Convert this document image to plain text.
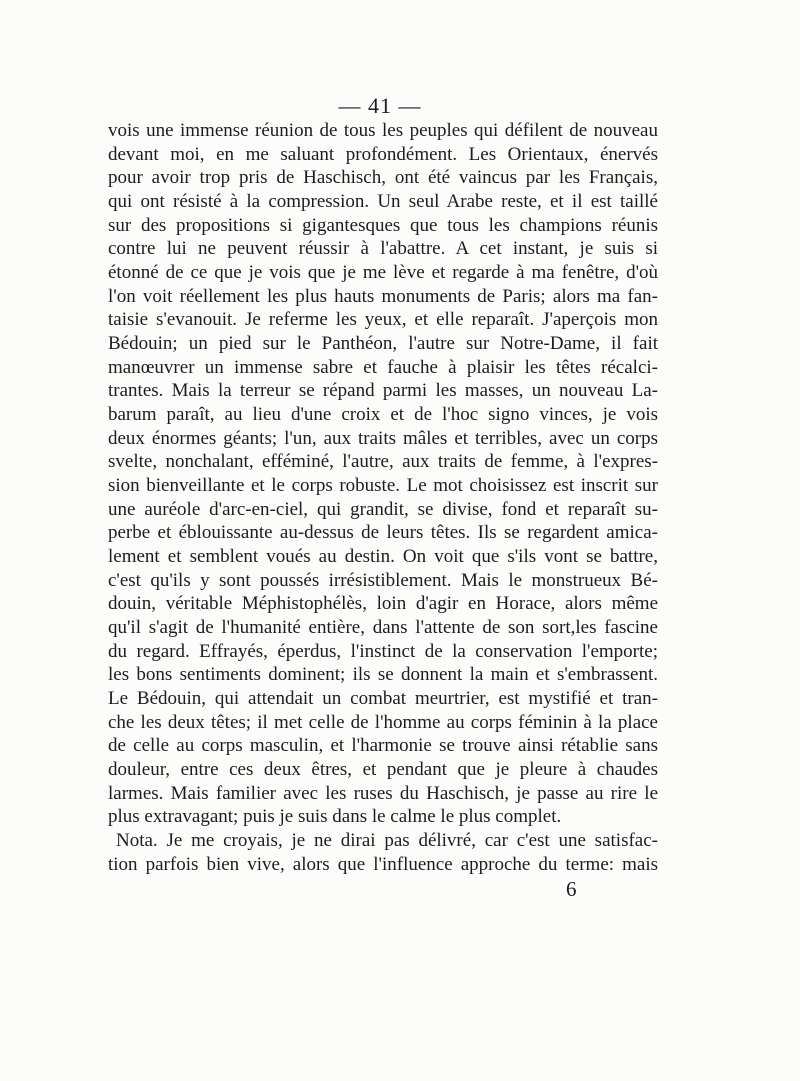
— 41 —
vois une immense réunion de tous les peuples qui défilent de nouveau
devant moi, en me saluant profondément. Les Orientaux, énervés
pour avoir trop pris de Haschisch, ont été vaincus par les Français,
qui ont résisté à la compression. Un seul Arabe reste, et il est taillé
sur des propositions si gigantesques que tous les champions réunis
contre lui ne peuvent réussir à l'abattre. A cet instant, je suis si
étonné de ce que je vois que je me lève et regarde à ma fenêtre, d'où
l'on voit réellement les plus hauts monuments de Paris; alors ma fan-
taisie s'evanouit. Je referme les yeux, et elle reparaît. J'aperçois mon
Bédouin; un pied sur le Panthéon, l'autre sur Notre-Dame, il fait
manœuvrer un immense sabre et fauche à plaisir les têtes récalci-
trantes. Mais la terreur se répand parmi les masses, un nouveau La-
barum paraît, au lieu d'une croix et de l'hoc signo vinces, je vois
deux énormes géants; l'un, aux traits mâles et terribles, avec un corps
svelte, nonchalant, efféminé, l'autre, aux traits de femme, à l'expres-
sion bienveillante et le corps robuste. Le mot choisissez est inscrit sur
une auréole d'arc-en-ciel, qui grandit, se divise, fond et reparaît su-
perbe et éblouissante au-dessus de leurs têtes. Ils se regardent amica-
lement et semblent voués au destin. On voit que s'ils vont se battre,
c'est qu'ils y sont poussés irrésistiblement. Mais le monstrueux Bé-
douin, véritable Méphistophélès, loin d'agir en Horace, alors même
qu'il s'agit de l'humanité entière, dans l'attente de son sort,les fascine
du regard. Effrayés, éperdus, l'instinct de la conservation l'emporte;
les bons sentiments dominent; ils se donnent la main et s'embrassent.
Le Bédouin, qui attendait un combat meurtrier, est mystifié et tran-
che les deux têtes; il met celle de l'homme au corps féminin à la place
de celle au corps masculin, et l'harmonie se trouve ainsi rétablie sans
douleur, entre ces deux êtres, et pendant que je pleure à chaudes
larmes. Mais familier avec les ruses du Haschisch, je passe au rire le
plus extravagant; puis je suis dans le calme le plus complet.
Nota. Je me croyais, je ne dirai pas délivré, car c'est une satisfac-
tion parfois bien vive, alors que l'influence approche du terme: mais
6
